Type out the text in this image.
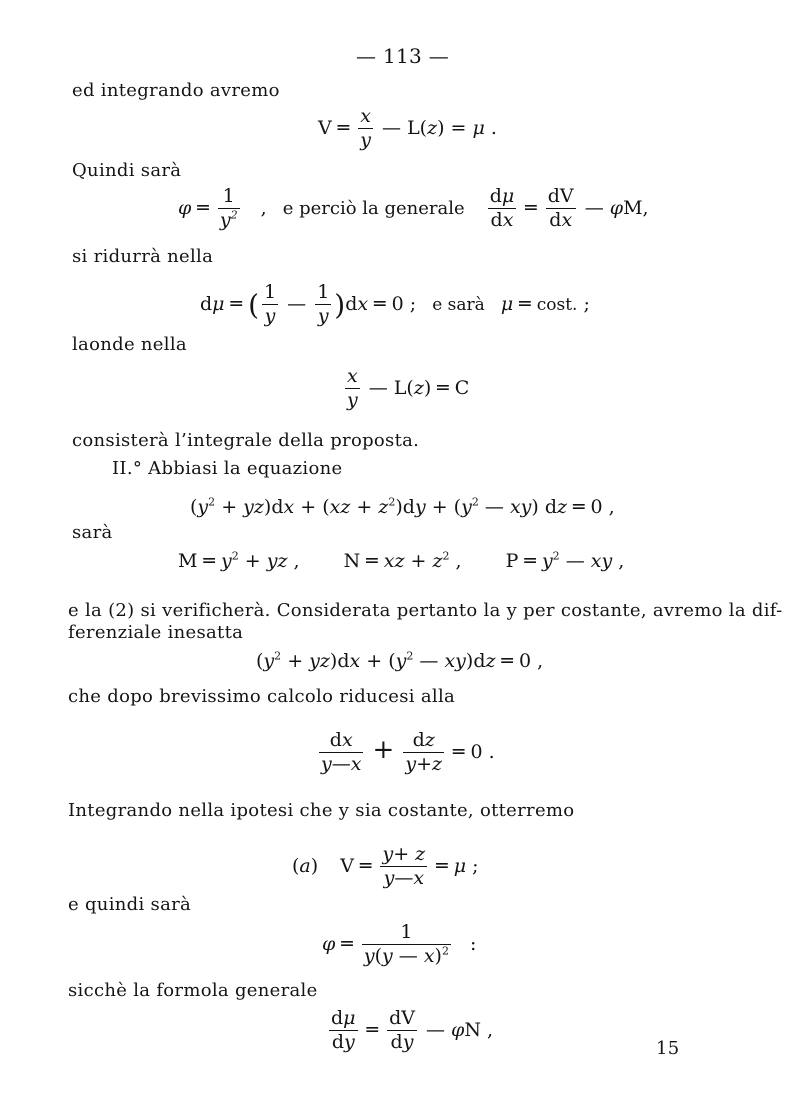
— 113 —
ed integrando avremo
V ═ $\frac{x}{y}$ — L(z) = μ .
Quindi sarà
φ ═ $\frac{1}{y^2}$ , e perciò la generale $\frac{d\mu}{dx}$ ═ $\frac{dV}{dx}$ — φM,
si ridurrà nella
dμ ═ ( $\frac{1}{y}$ — $\frac{1}{y} )dx$ ═ 0 ; e sarà μ ═ cost. ;
laonde nella
$\frac{x}{y}$ — L(z) ═ C
consisterà l’integrale della proposta.
II.° Abbiasi la equazione
$(y^2 + yz)dx + (xz + z^2)dy + (y^2$ — xy) dz ═ 0 ,
sarà
M ═ $y^2$ + yz , N ═ xz + $z^2$ , P ═ $y^2$ — xy ,
e la (2) si verificherà. Considerata pertanto la y per costante, avremo la dif-
ferenziale inesatta
$(y^2 + yz)dx + (y^2$ — xy)dz ═ 0 ,
che dopo brevissimo calcolo riducesi alla
$\frac{dx}{y—x} + \frac{dz}{y+z}$ ═ 0 .
Integrando nella ipotesi che y sia costante, otterremo
(a) V ═ $\frac{y+ z}{y—x}$ ═ μ ;
e quindi sarà
φ ═ $\frac{1}{y(y — x)^2}$ :
sicchè la formola generale
$\frac{d\mu}{dy}$ ═ $\frac{dV}{dy}$ — φN ,
15
